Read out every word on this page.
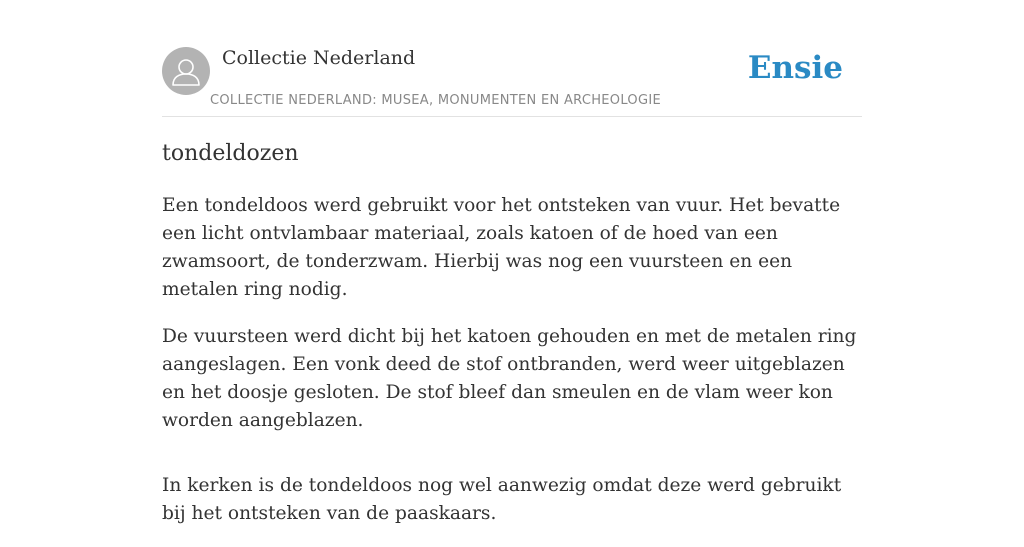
Collectie Nederland
COLLECTIE NEDERLAND: MUSEA, MONUMENTEN EN ARCHEOLOGIE
Ensie
tondeldozen

Een tondeldoos werd gebruikt voor het ontsteken van vuur. Het bevatte een licht ontvlambaar materiaal, zoals katoen of de hoed van een zwamsoort, de tonderzwam. Hierbij was nog een vuursteen en een metalen ring nodig.

De vuursteen werd dicht bij het katoen gehouden en met de metalen ring aangeslagen. Een vonk deed de stof ontbranden, werd weer uitgeblazen en het doosje gesloten. De stof bleef dan smeulen en de vlam weer kon worden aangeblazen.

In kerken is de tondeldoos nog wel aanwezig omdat deze werd gebruikt bij het ontsteken van de paaskaars.
